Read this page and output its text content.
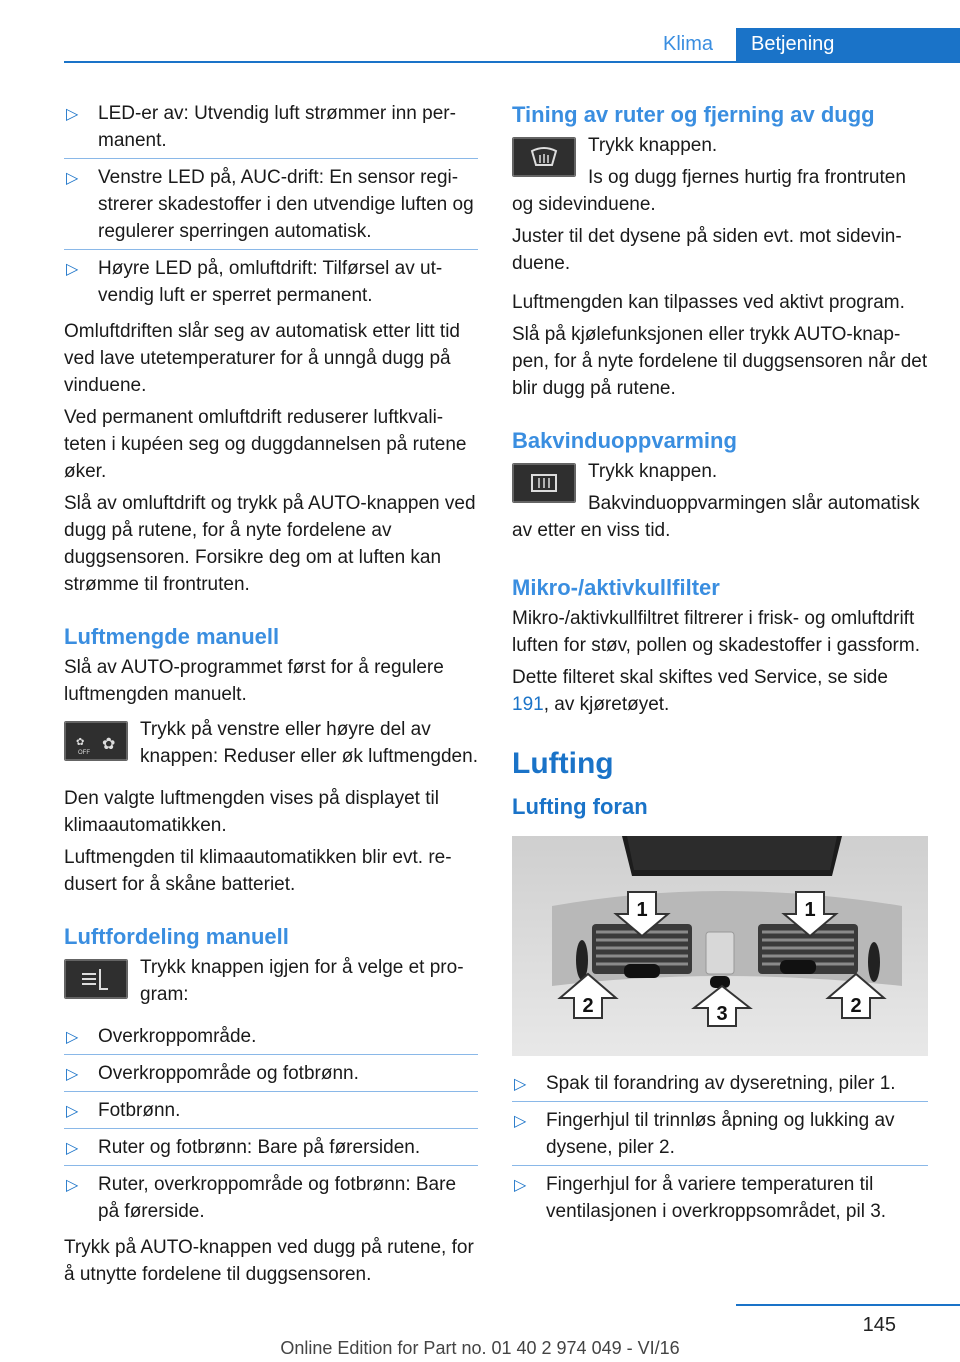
Klima	Betjening
▷ LED-er av: Utvendig luft strømmer inn permanent.
▷ Venstre LED på, AUC-drift: En sensor registrerer skadestoffer i den utvendige luften og regulerer sperringen automatisk.
▷ Høyre LED på, omluftdrift: Tilførsel av utvendig luft er sperret permanent.

Omluftdriften slår seg av automatisk etter litt tid ved lave utetemperaturer for å unngå dugg på vinduene.

Ved permanent omluftdrift reduserer luftkvaliteten i kupéen seg og duggdannelsen på rutene øker.

Slå av omluftdrift og trykk på AUTO-knappen ved dugg på rutene, for å nyte fordelene av duggsensoren. Forsikre deg om at luften kan strømme til frontruten.

Luftmengde manuell

Slå av AUTO-programmet først for å regulere luftmengden manuelt.

✿
OFF ✿

Trykk på venstre eller høyre del av knappen: Reduser eller øk luftmengden.

Den valgte luftmengden vises på displayet til klimaautomatikken.

Luftmengden til klimaautomatikken blir evt. redusert for å skåne batteriet.

Luftfordeling manuell

Trykk knappen igjen for å velge et program:

▷ Overkroppområde.
▷ Overkroppområde og fotbrønn.
▷ Fotbrønn.
▷ Ruter og fotbrønn: Bare på førersiden.
▷ Ruter, overkroppområde og fotbrønn: Bare på førerside.

Trykk på AUTO-knappen ved dugg på rutene, for å utnytte fordelene til duggsensoren.

Tining av ruter og fjerning av dugg

Trykk knappen.

Is og dugg fjernes hurtig fra frontruten og sidevinduene.

Juster til det dysene på siden evt. mot sidevinduene.

Luftmengden kan tilpasses ved aktivt program.

Slå på kjølefunksjonen eller trykk AUTO-knappen, for å nyte fordelene til duggsensoren når det blir dugg på rutene.

Bakvinduoppvarming

Trykk knappen.

Bakvinduoppvarmingen slår automatisk av etter en viss tid.

Mikro-/aktivkullfilter

Mikro-/aktivkullfiltret filtrerer i frisk- og omluftdrift luften for støv, pollen og skadestoffer i gassform.

Dette filteret skal skiftes ved Service, se side 191, av kjøretøyet.

Lufting
Lufting foran
1	1
2	3	2
▷ Spak til forandring av dyseretning, piler 1.
▷ Fingerhjul til trinnløs åpning og lukking av dysene, piler 2.
▷ Fingerhjul for å variere temperaturen til ventilasjonen i overkroppsområdet, pil 3.
145
Online Edition for Part no. 01 40 2 974 049 - VI/16
